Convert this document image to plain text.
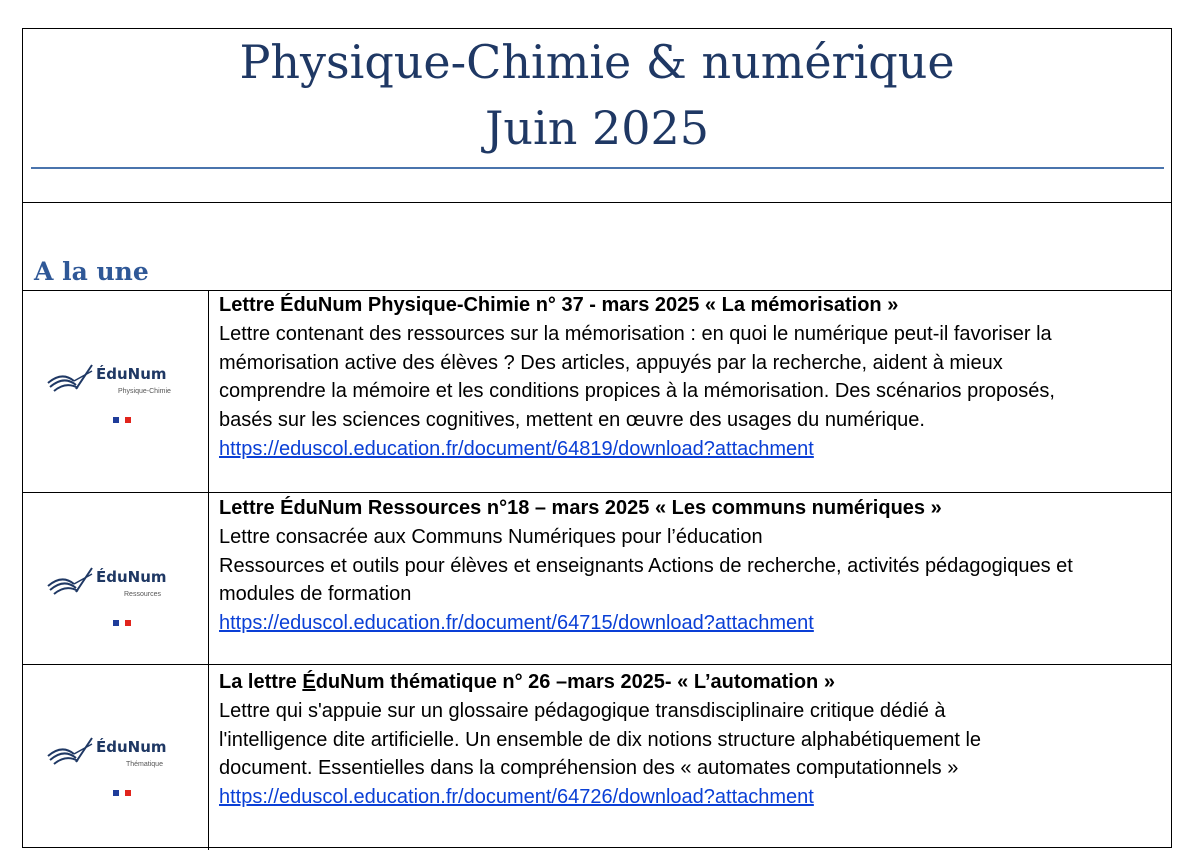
Physique-Chimie & numérique
Juin 2025
A la une
ÉduNum
Physique-Chimie
Lettre ÉduNum Physique-Chimie n° 37 - mars 2025 « La mémorisation »
Lettre contenant des ressources sur la mémorisation : en quoi le numérique peut-il favoriser la
mémorisation active des élèves ? Des articles, appuyés par la recherche, aident à mieux
comprendre la mémoire et les conditions propices à la mémorisation. Des scénarios proposés,
basés sur les sciences cognitives, mettent en œuvre des usages du numérique.
https://eduscol.education.fr/document/64819/download?attachment
ÉduNum
Ressources
Lettre ÉduNum Ressources n°18 – mars 2025 « Les communs numériques »
Lettre consacrée aux Communs Numériques pour l’éducation
Ressources et outils pour élèves et enseignants Actions de recherche, activités pédagogiques et
modules de formation
https://eduscol.education.fr/document/64715/download?attachment
ÉduNum
Thématique
La lettre ÉduNum thématique n° 26 –mars 2025- « L’automation »
Lettre qui s'appuie sur un glossaire pédagogique transdisciplinaire critique dédié à
l'intelligence dite artificielle. Un ensemble de dix notions structure alphabétiquement le
document. Essentielles dans la compréhension des « automates computationnels »
https://eduscol.education.fr/document/64726/download?attachment
